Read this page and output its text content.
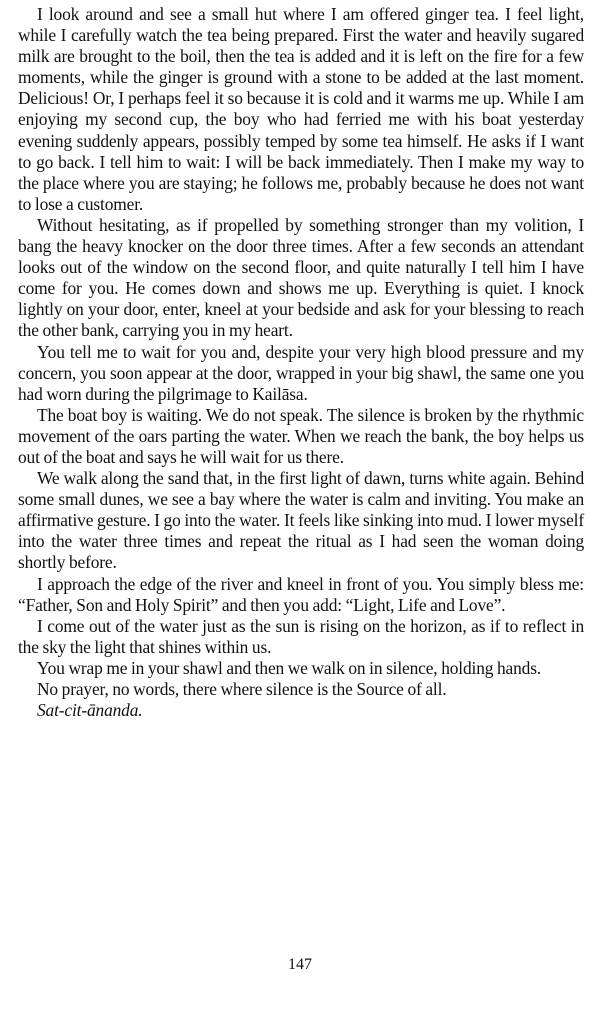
I look around and see a small hut where I am offered ginger tea. I feel light, while I carefully watch the tea being prepared. First the water and heavily sugared milk are brought to the boil, then the tea is added and it is left on the fire for a few moments, while the ginger is ground with a stone to be added at the last moment. Delicious! Or, I perhaps feel it so because it is cold and it warms me up. While I am enjoying my second cup, the boy who had ferried me with his boat yesterday evening suddenly appears, possibly temped by some tea himself. He asks if I want to go back. I tell him to wait: I will be back immediately. Then I make my way to the place where you are staying; he follows me, probably because he does not want to lose a customer.

Without hesitating, as if propelled by something stronger than my volition, I bang the heavy knocker on the door three times. After a few seconds an attendant looks out of the window on the second floor, and quite naturally I tell him I have come for you. He comes down and shows me up. Everything is quiet. I knock lightly on your door, enter, kneel at your bedside and ask for your blessing to reach the other bank, carrying you in my heart.

You tell me to wait for you and, despite your very high blood pressure and my concern, you soon appear at the door, wrapped in your big shawl, the same one you had worn during the pilgrimage to Kailāsa.

The boat boy is waiting. We do not speak. The silence is broken by the rhythmic movement of the oars parting the water. When we reach the bank, the boy helps us out of the boat and says he will wait for us there.

We walk along the sand that, in the first light of dawn, turns white again. Behind some small dunes, we see a bay where the water is calm and inviting. You make an affirmative gesture. I go into the water. It feels like sinking into mud. I lower myself into the water three times and repeat the ritual as I had seen the woman doing shortly before.

I approach the edge of the river and kneel in front of you. You simply bless me: “Father, Son and Holy Spirit” and then you add: “Light, Life and Love”.

I come out of the water just as the sun is rising on the horizon, as if to reflect in the sky the light that shines within us.

You wrap me in your shawl and then we walk on in silence, holding hands.

No prayer, no words, there where silence is the Source of all.

Sat-cit-ānanda.

147
